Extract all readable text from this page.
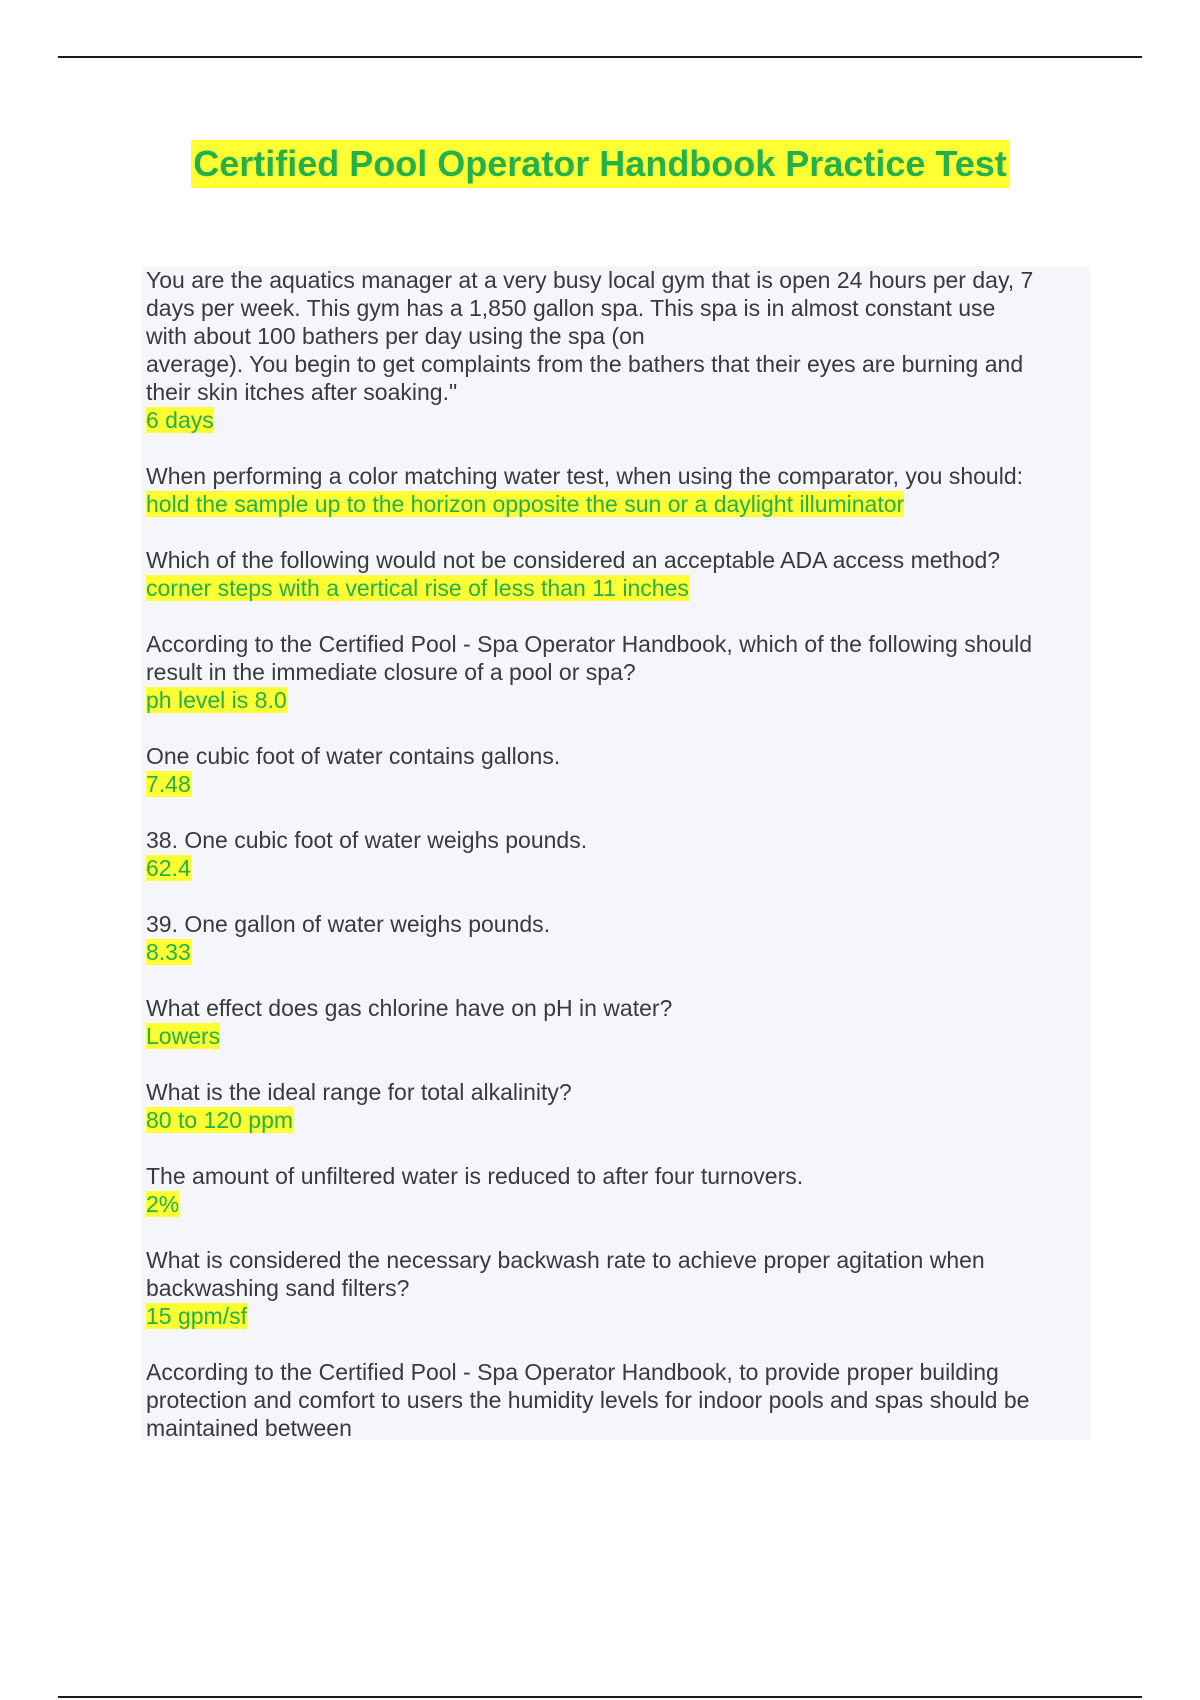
Certified Pool Operator Handbook Practice Test
You are the aquatics manager at a very busy local gym that is open 24 hours per day, 7
days per week. This gym has a 1,850 gallon spa. This spa is in almost constant use
with about 100 bathers per day using the spa (on
average). You begin to get complaints from the bathers that their eyes are burning and
their skin itches after soaking."
6 days
When performing a color matching water test, when using the comparator, you should:
hold the sample up to the horizon opposite the sun or a daylight illuminator
Which of the following would not be considered an acceptable ADA access method?
corner steps with a vertical rise of less than 11 inches
According to the Certified Pool - Spa Operator Handbook, which of the following should
result in the immediate closure of a pool or spa?
ph level is 8.0
One cubic foot of water contains gallons.
7.48
38. One cubic foot of water weighs pounds.
62.4
39. One gallon of water weighs pounds.
8.33
What effect does gas chlorine have on pH in water?
Lowers
What is the ideal range for total alkalinity?
80 to 120 ppm
The amount of unfiltered water is reduced to after four turnovers.
2%
What is considered the necessary backwash rate to achieve proper agitation when
backwashing sand filters?
15 gpm/sf
According to the Certified Pool - Spa Operator Handbook, to provide proper building
protection and comfort to users the humidity levels for indoor pools and spas should be
maintained between
